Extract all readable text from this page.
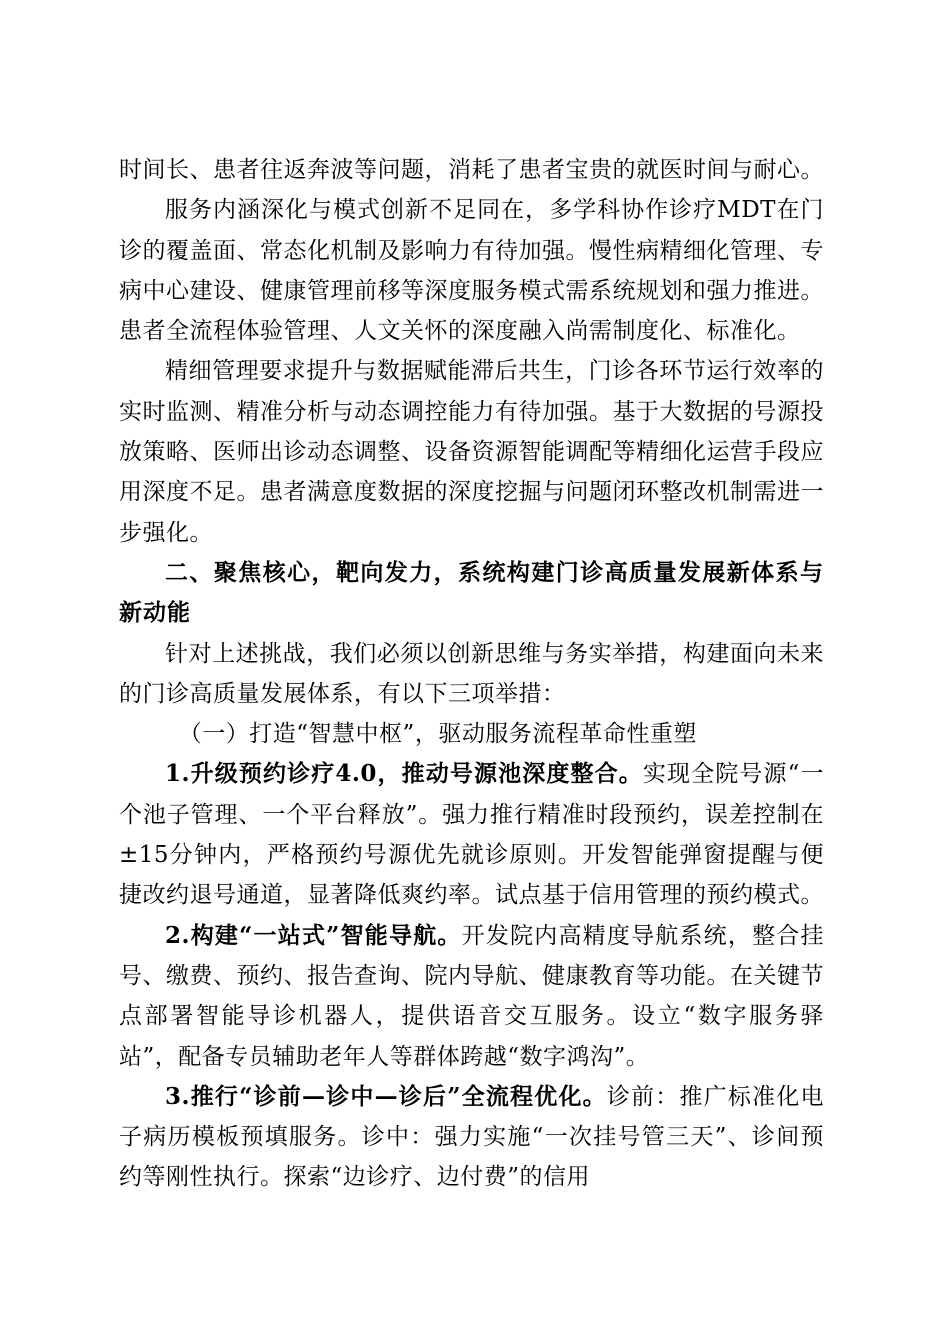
时间长、患者往返奔波等问题，消耗了患者宝贵的就医时间与耐心。

服务内涵深化与模式创新不足同在，多学科协作诊疗MDT在门诊的覆盖面、常态化机制及影响力有待加强。慢性病精细化管理、专病中心建设、健康管理前移等深度服务模式需系统规划和强力推进。患者全流程体验管理、人文关怀的深度融入尚需制度化、标准化。

精细管理要求提升与数据赋能滞后共生，门诊各环节运行效率的实时监测、精准分析与动态调控能力有待加强。基于大数据的号源投放策略、医师出诊动态调整、设备资源智能调配等精细化运营手段应用深度不足。患者满意度数据的深度挖掘与问题闭环整改机制需进一步强化。

二、聚焦核心，靶向发力，系统构建门诊高质量发展新体系与新动能

针对上述挑战，我们必须以创新思维与务实举措，构建面向未来的门诊高质量发展体系，有以下三项举措：

（一）打造“智慧中枢”，驱动服务流程革命性重塑

1.升级预约诊疗4.0，推动号源池深度整合。实现全院号源“一个池子管理、一个平台释放”。强力推行精准时段预约，误差控制在±15分钟内，严格预约号源优先就诊原则。开发智能弹窗提醒与便捷改约退号通道，显著降低爽约率。试点基于信用管理的预约模式。

2.构建“一站式”智能导航。开发院内高精度导航系统，整合挂号、缴费、预约、报告查询、院内导航、健康教育等功能。在关键节点部署智能导诊机器人，提供语音交互服务。设立“数字服务驿站”，配备专员辅助老年人等群体跨越“数字鸿沟”。

3.推行“诊前—诊中—诊后”全流程优化。诊前：推广标准化电子病历模板预填服务。诊中：强力实施“一次挂号管三天”、诊间预约等刚性执行。探索“边诊疗、边付费”的信用
